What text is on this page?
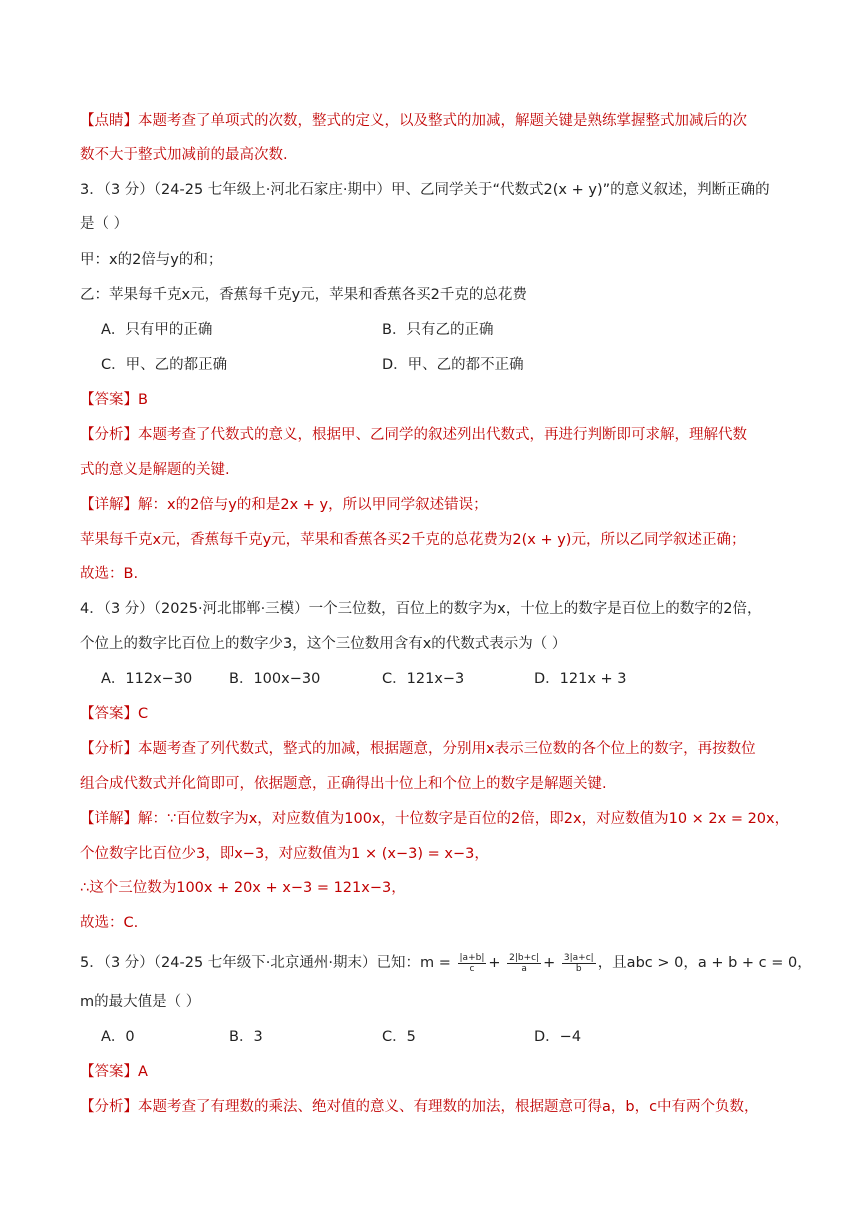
【点睛】本题考查了单项式的次数，整式的定义，以及整式的加减，解题关键是熟练掌握整式加减后的次
数不大于整式加减前的最高次数.
3．（3 分）（24-25 七年级上·河北石家庄·期中）甲、乙同学关于“代数式2(x + y)”的意义叙述，判断正确的
是（ ）
甲：x的2倍与y的和；
乙：苹果每千克x元，香蕉每千克y元，苹果和香蕉各买2千克的总花费
A．只有甲的正确	B．只有乙的正确
C．甲、乙的都正确	D．甲、乙的都不正确
【答案】B
【分析】本题考查了代数式的意义，根据甲、乙同学的叙述列出代数式，再进行判断即可求解，理解代数
式的意义是解题的关键.
【详解】解：x的2倍与y的和是2x + y，所以甲同学叙述错误；
苹果每千克x元，香蕉每千克y元，苹果和香蕉各买2千克的总花费为2(x + y)元，所以乙同学叙述正确；
故选：B.
4．（3 分）（2025·河北邯郸·三模）一个三位数，百位上的数字为x，十位上的数字是百位上的数字的2倍，
个位上的数字比百位上的数字少3，这个三位数用含有x的代数式表示为（ ）
A．112x−30	B．100x−30	C．121x−3	D．121x + 3
【答案】C
【分析】本题考查了列代数式，整式的加减，根据题意，分别用x表示三位数的各个位上的数字，再按数位
组合成代数式并化简即可，依据题意，正确得出十位上和个位上的数字是解题关键.
【详解】解：∵百位数字为x，对应数值为100x，十位数字是百位的2倍，即2x，对应数值为10 × 2x = 20x，
个位数字比百位少3，即x−3，对应数值为1 × (x−3) = x−3，
∴这个三位数为100x + 20x + x−3 = 121x−3，
故选：C.
5．（3 分）（24-25 七年级下·北京通州·期末）已知：$m = \frac{|a+b|}{c} + \frac{2|b+c|}{a} + \frac{3|a+c|}{b}$ ，且abc > 0，a + b + c = 0，
m的最大值是（ ）
A．0	B．3	C．5	D．−4
【答案】A
【分析】本题考查了有理数的乘法、绝对值的意义、有理数的加法，根据题意可得a，b，c中有两个负数，
